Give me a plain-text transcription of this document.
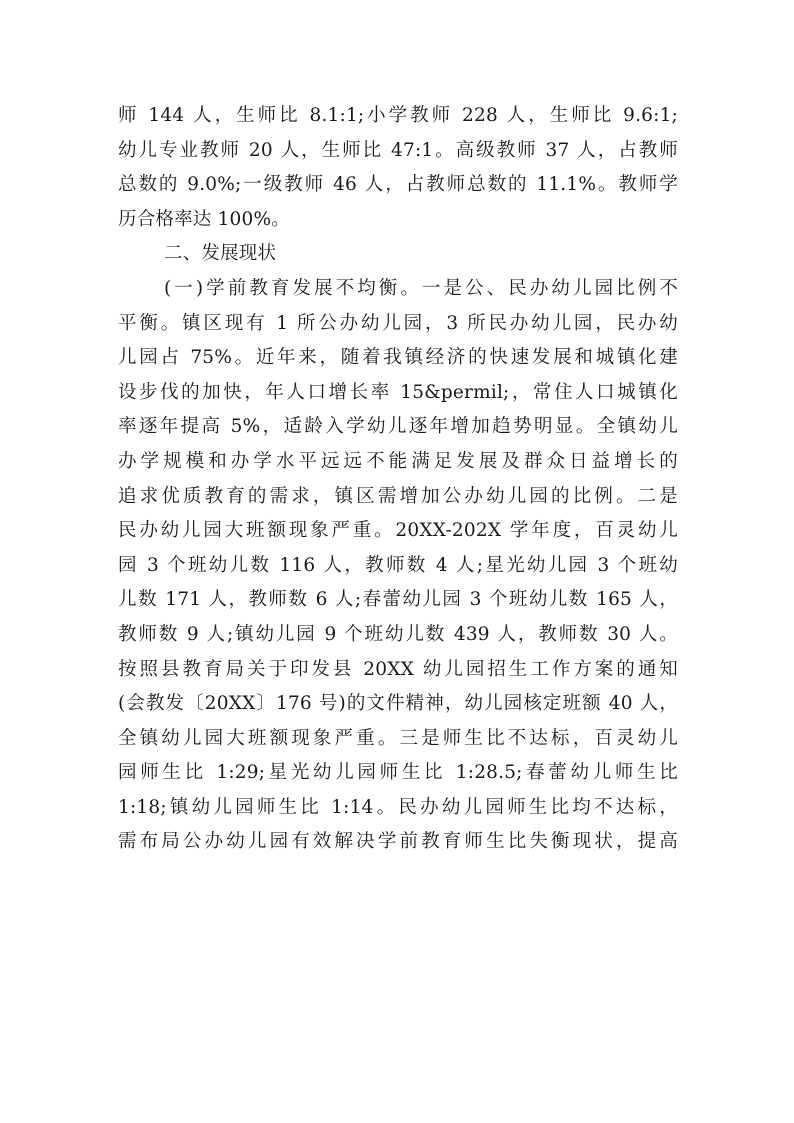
师 144 人，生师比 8.1:1;小学教师 228 人，生师比 9.6:1;
幼儿专业教师 20 人，生师比 47:1。高级教师 37 人，占教师
总数的 9.0%;一级教师 46 人，占教师总数的 11.1%。教师学
历合格率达 100%。
二、发展现状
(一)学前教育发展不均衡。一是公、民办幼儿园比例不
平衡。镇区现有 1 所公办幼儿园，3 所民办幼儿园，民办幼
儿园占 75%。近年来，随着我镇经济的快速发展和城镇化建
设步伐的加快，年人口增长率 15&permil;，常住人口城镇化
率逐年提高 5%，适龄入学幼儿逐年增加趋势明显。全镇幼儿
办学规模和办学水平远远不能满足发展及群众日益增长的
追求优质教育的需求，镇区需增加公办幼儿园的比例。二是
民办幼儿园大班额现象严重。20XX-202X 学年度，百灵幼儿
园 3 个班幼儿数 116 人，教师数 4 人;星光幼儿园 3 个班幼
儿数 171 人，教师数 6 人;春蕾幼儿园 3 个班幼儿数 165 人，
教师数 9 人;镇幼儿园 9 个班幼儿数 439 人，教师数 30 人。
按照县教育局关于印发县 20XX 幼儿园招生工作方案的通知
(会教发〔20XX〕176 号)的文件精神，幼儿园核定班额 40 人，
全镇幼儿园大班额现象严重。三是师生比不达标，百灵幼儿
园师生比 1:29;星光幼儿园师生比 1:28.5;春蕾幼儿师生比
1:18;镇幼儿园师生比 1:14。民办幼儿园师生比均不达标，
需布局公办幼儿园有效解决学前教育师生比失衡现状，提高
